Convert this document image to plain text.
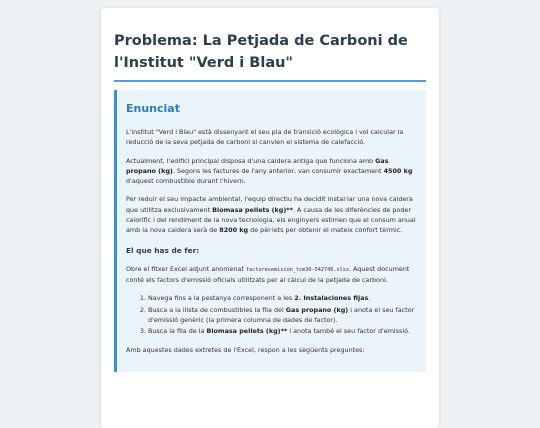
Problema: La Petjada de Carboni de l'Institut "Verd i Blau"
Enunciat

L'institut "Verd i Blau" està dissenyant el seu pla de transició ecològica i vol calcular la reducció de la seva petjada de carboni si canvien el sistema de calefacció.

Actualment, l'edifici principal disposa d'una caldera antiga que funciona amb Gas propano (kg). Segons les factures de l'any anterior, van consumir exactament 4500 kg d'aquest combustible durant l'hivern.

Per reduir el seu impacte ambiental, l'equip directiu ha decidit instal·lar una nova caldera que utilitza exclusivament Biomasa pellets (kg)**. A causa de les diferències de poder calorífic i del rendiment de la nova tecnologia, els enginyers estimen que el consum anual amb la nova caldera serà de 8200 kg de pèl·lets per obtenir el mateix confort tèrmic.

El que has de fer:

Obre el fitxer Excel adjunt anomenat factoresemision_tcm30-542746.xlsx. Aquest document conté els factors d'emissió oficials utilitzats per al càlcul de la petjada de carboni.

1. Navega fins a la pestanya corresponent a les 2. Instalaciones fijas.
2. Busca a la llista de combustibles la fila del Gas propano (kg) i anota el seu factor d'emissió genèric (la primera columna de dades de factor).
3. Busca la fila de la Biomasa pellets (kg)** i anota també el seu factor d'emissió.

Amb aquestes dades extretes de l'Excel, respon a les següents preguntes:
